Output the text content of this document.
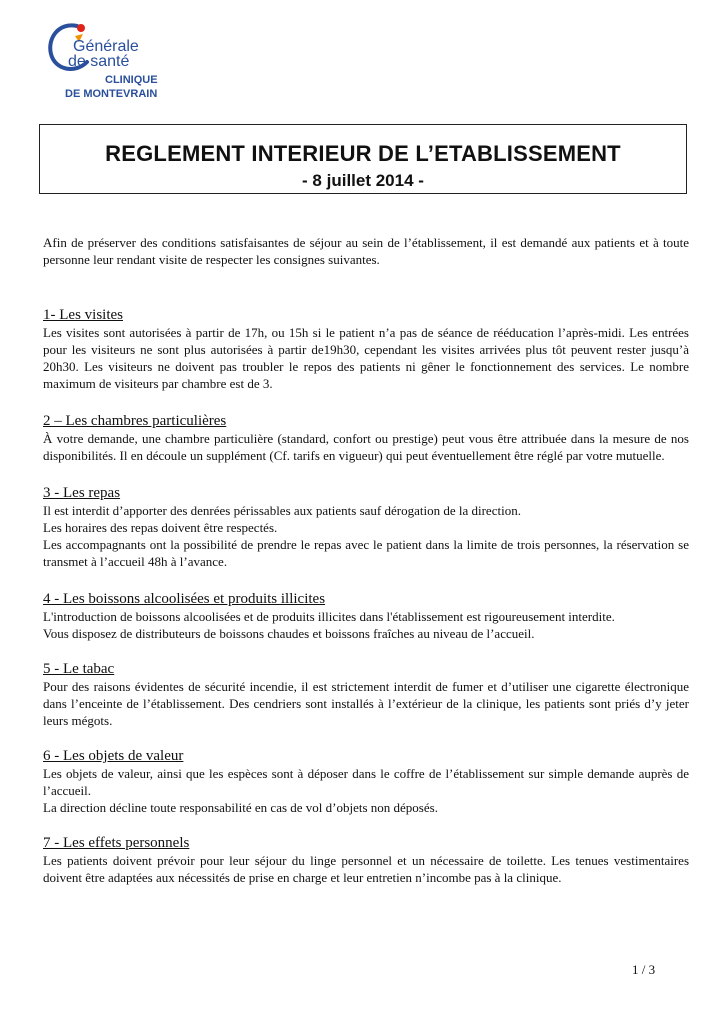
Générale
de santé
CLINIQUE
DE MONTEVRAIN
REGLEMENT INTERIEUR DE L’ETABLISSEMENT
- 8 juillet 2014 -

Afin de préserver des conditions satisfaisantes de séjour au sein de l’établissement, il est demandé aux patients et à toute personne leur rendant visite de respecter les consignes suivantes.

1- Les visites

Les visites sont autorisées à partir de 17h, ou 15h si le patient n’a pas de séance de rééducation l’après-midi. Les entrées pour les visiteurs ne sont plus autorisées à partir de19h30, cependant les visites arrivées plus tôt peuvent rester jusqu’à 20h30. Les visiteurs ne doivent pas troubler le repos des patients ni gêner le fonctionnement des services. Le nombre maximum de visiteurs par chambre est de 3.

2 – Les chambres particulières

À votre demande, une chambre particulière (standard, confort ou prestige) peut vous être attribuée dans la mesure de nos disponibilités. Il en découle un supplément (Cf. tarifs en vigueur) qui peut éventuellement être réglé par votre mutuelle.

3 - Les repas

Il est interdit d’apporter des denrées périssables aux patients sauf dérogation de la direction.

Les horaires des repas doivent être respectés.

Les accompagnants ont la possibilité de prendre le repas avec le patient dans la limite de trois personnes, la réservation se transmet à l’accueil 48h à l’avance.

4 - Les boissons alcoolisées et produits illicites

L'introduction de boissons alcoolisées et de produits illicites dans l'établissement est rigoureusement interdite.

Vous disposez de distributeurs de boissons chaudes et boissons fraîches au niveau de l’accueil.

5 - Le tabac

Pour des raisons évidentes de sécurité incendie, il est strictement interdit de fumer et d’utiliser une cigarette électronique dans l’enceinte de l’établissement. Des cendriers sont installés à l’extérieur de la clinique, les patients sont priés d’y jeter leurs mégots.

6 - Les objets de valeur

Les objets de valeur, ainsi que les espèces sont à déposer dans le coffre de l’établissement sur simple demande auprès de l’accueil.

La direction décline toute responsabilité en cas de vol d’objets non déposés.

7 - Les effets personnels

Les patients doivent prévoir pour leur séjour du linge personnel et un nécessaire de toilette. Les tenues vestimentaires doivent être adaptées aux nécessités de prise en charge et leur entretien n’incombe pas à la clinique.

1 / 3
